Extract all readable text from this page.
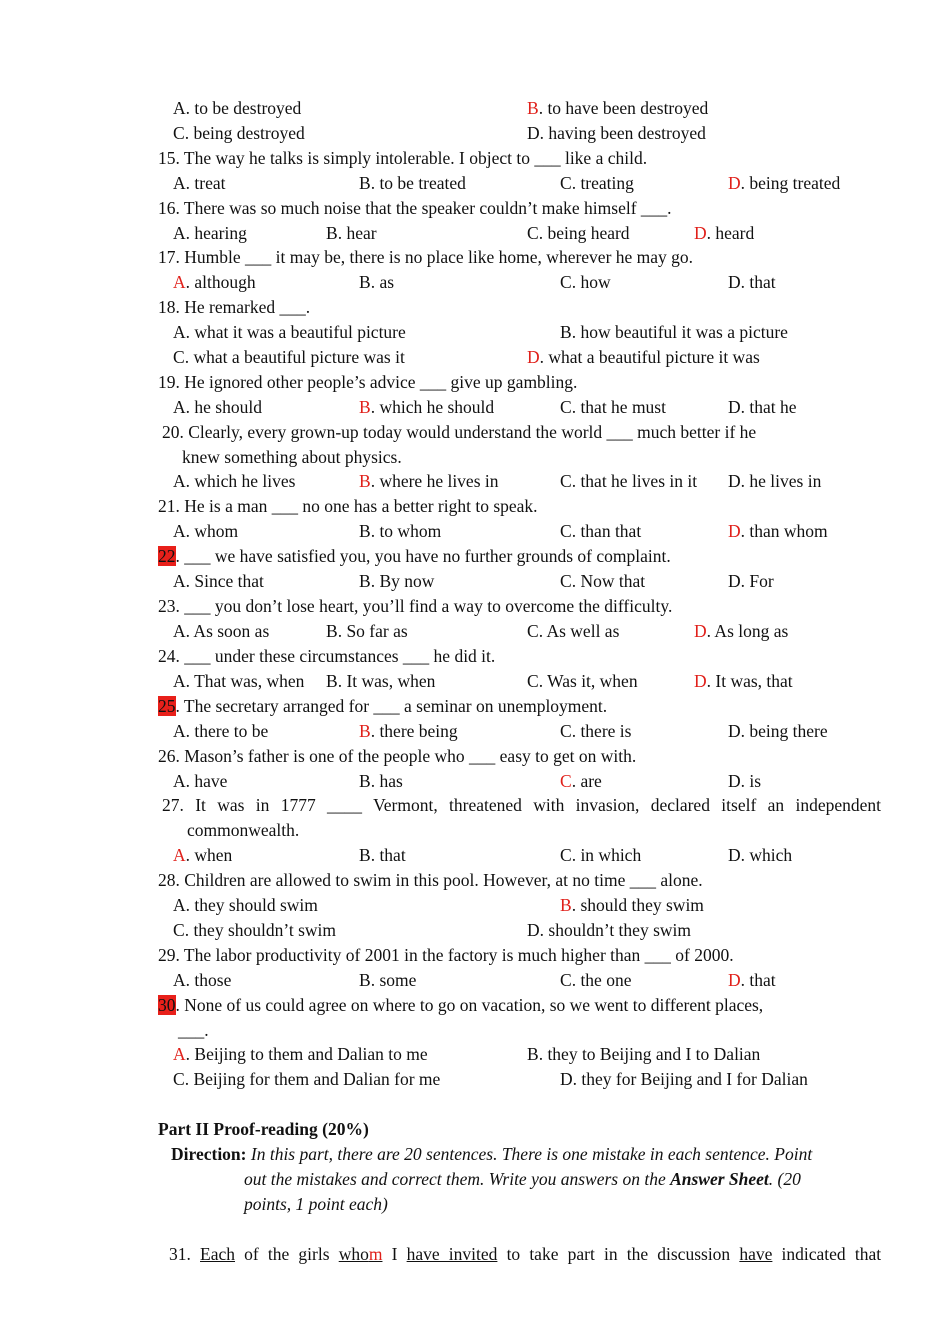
A. to be destroyed	B. to have been destroyed
C. being destroyed	D. having been destroyed
15. The way he talks is simply intolerable. I object to ___ like a child.
A. treat	B. to be treated	C. treating	D. being treated
16. There was so much noise that the speaker couldn’t make himself ___.
A. hearing	B. hear	C. being heard	D. heard
17. Humble ___ it may be, there is no place like home, wherever he may go.
A. although	B. as	C. how	D. that
18. He remarked ___.
A. what it was a beautiful picture	B. how beautiful it was a picture
C. what a beautiful picture was it	D. what a beautiful picture it was
19. He ignored other people’s advice ___ give up gambling.
A. he should	B. which he should	C. that he must	D. that he
20. Clearly, every grown-up today would understand the world ___ much better if he
knew something about physics.
A. which he lives	B. where he lives in	C. that he lives in it D. he lives in
21. He is a man ___ no one has a better right to speak.
A. whom	B. to whom	C. than that	D. than whom
22. ___ we have satisfied you, you have no further grounds of complaint.
A. Since that	B. By now	C. Now that	D. For
23. ___ you don’t lose heart, you’ll find a way to overcome the difficulty.
A. As soon as	B. So far as	C. As well as	D. As long as
24. ___ under these circumstances ___ he did it.
A. That was, when B. It was, when	C. Was it, when	D. It was, that
25. The secretary arranged for ___ a seminar on unemployment.
A. there to be	B. there being	C. there is	D. being there
26. Mason’s father is one of the people who ___ easy to get on with.
A. have	B. has	C. are	D. is
27. It was in 1777 ____ Vermont, threatened with invasion, declared itself an independent
commonwealth.
A. when	B. that	C. in which	D. which
28. Children are allowed to swim in this pool. However, at no time ___ alone.
A. they should swim	B. should they swim
C. they shouldn’t swim	D. shouldn’t they swim
29. The labor productivity of 2001 in the factory is much higher than ___ of 2000.
A. those	B. some	C. the one	D. that
30. None of us could agree on where to go on vacation, so we went to different places,
___.
A. Beijing to them and Dalian to me	B. they to Beijing and I to Dalian
C. Beijing for them and Dalian for me	D. they for Beijing and I for Dalian
Part II Proof-reading (20%)
Direction: In this part, there are 20 sentences. There is one mistake in each sentence. Point
out the mistakes and correct them. Write you answers on the Answer Sheet. (20
points, 1 point each)
31. Each of the girls whom I have invited to take part in the discussion have indicated that
